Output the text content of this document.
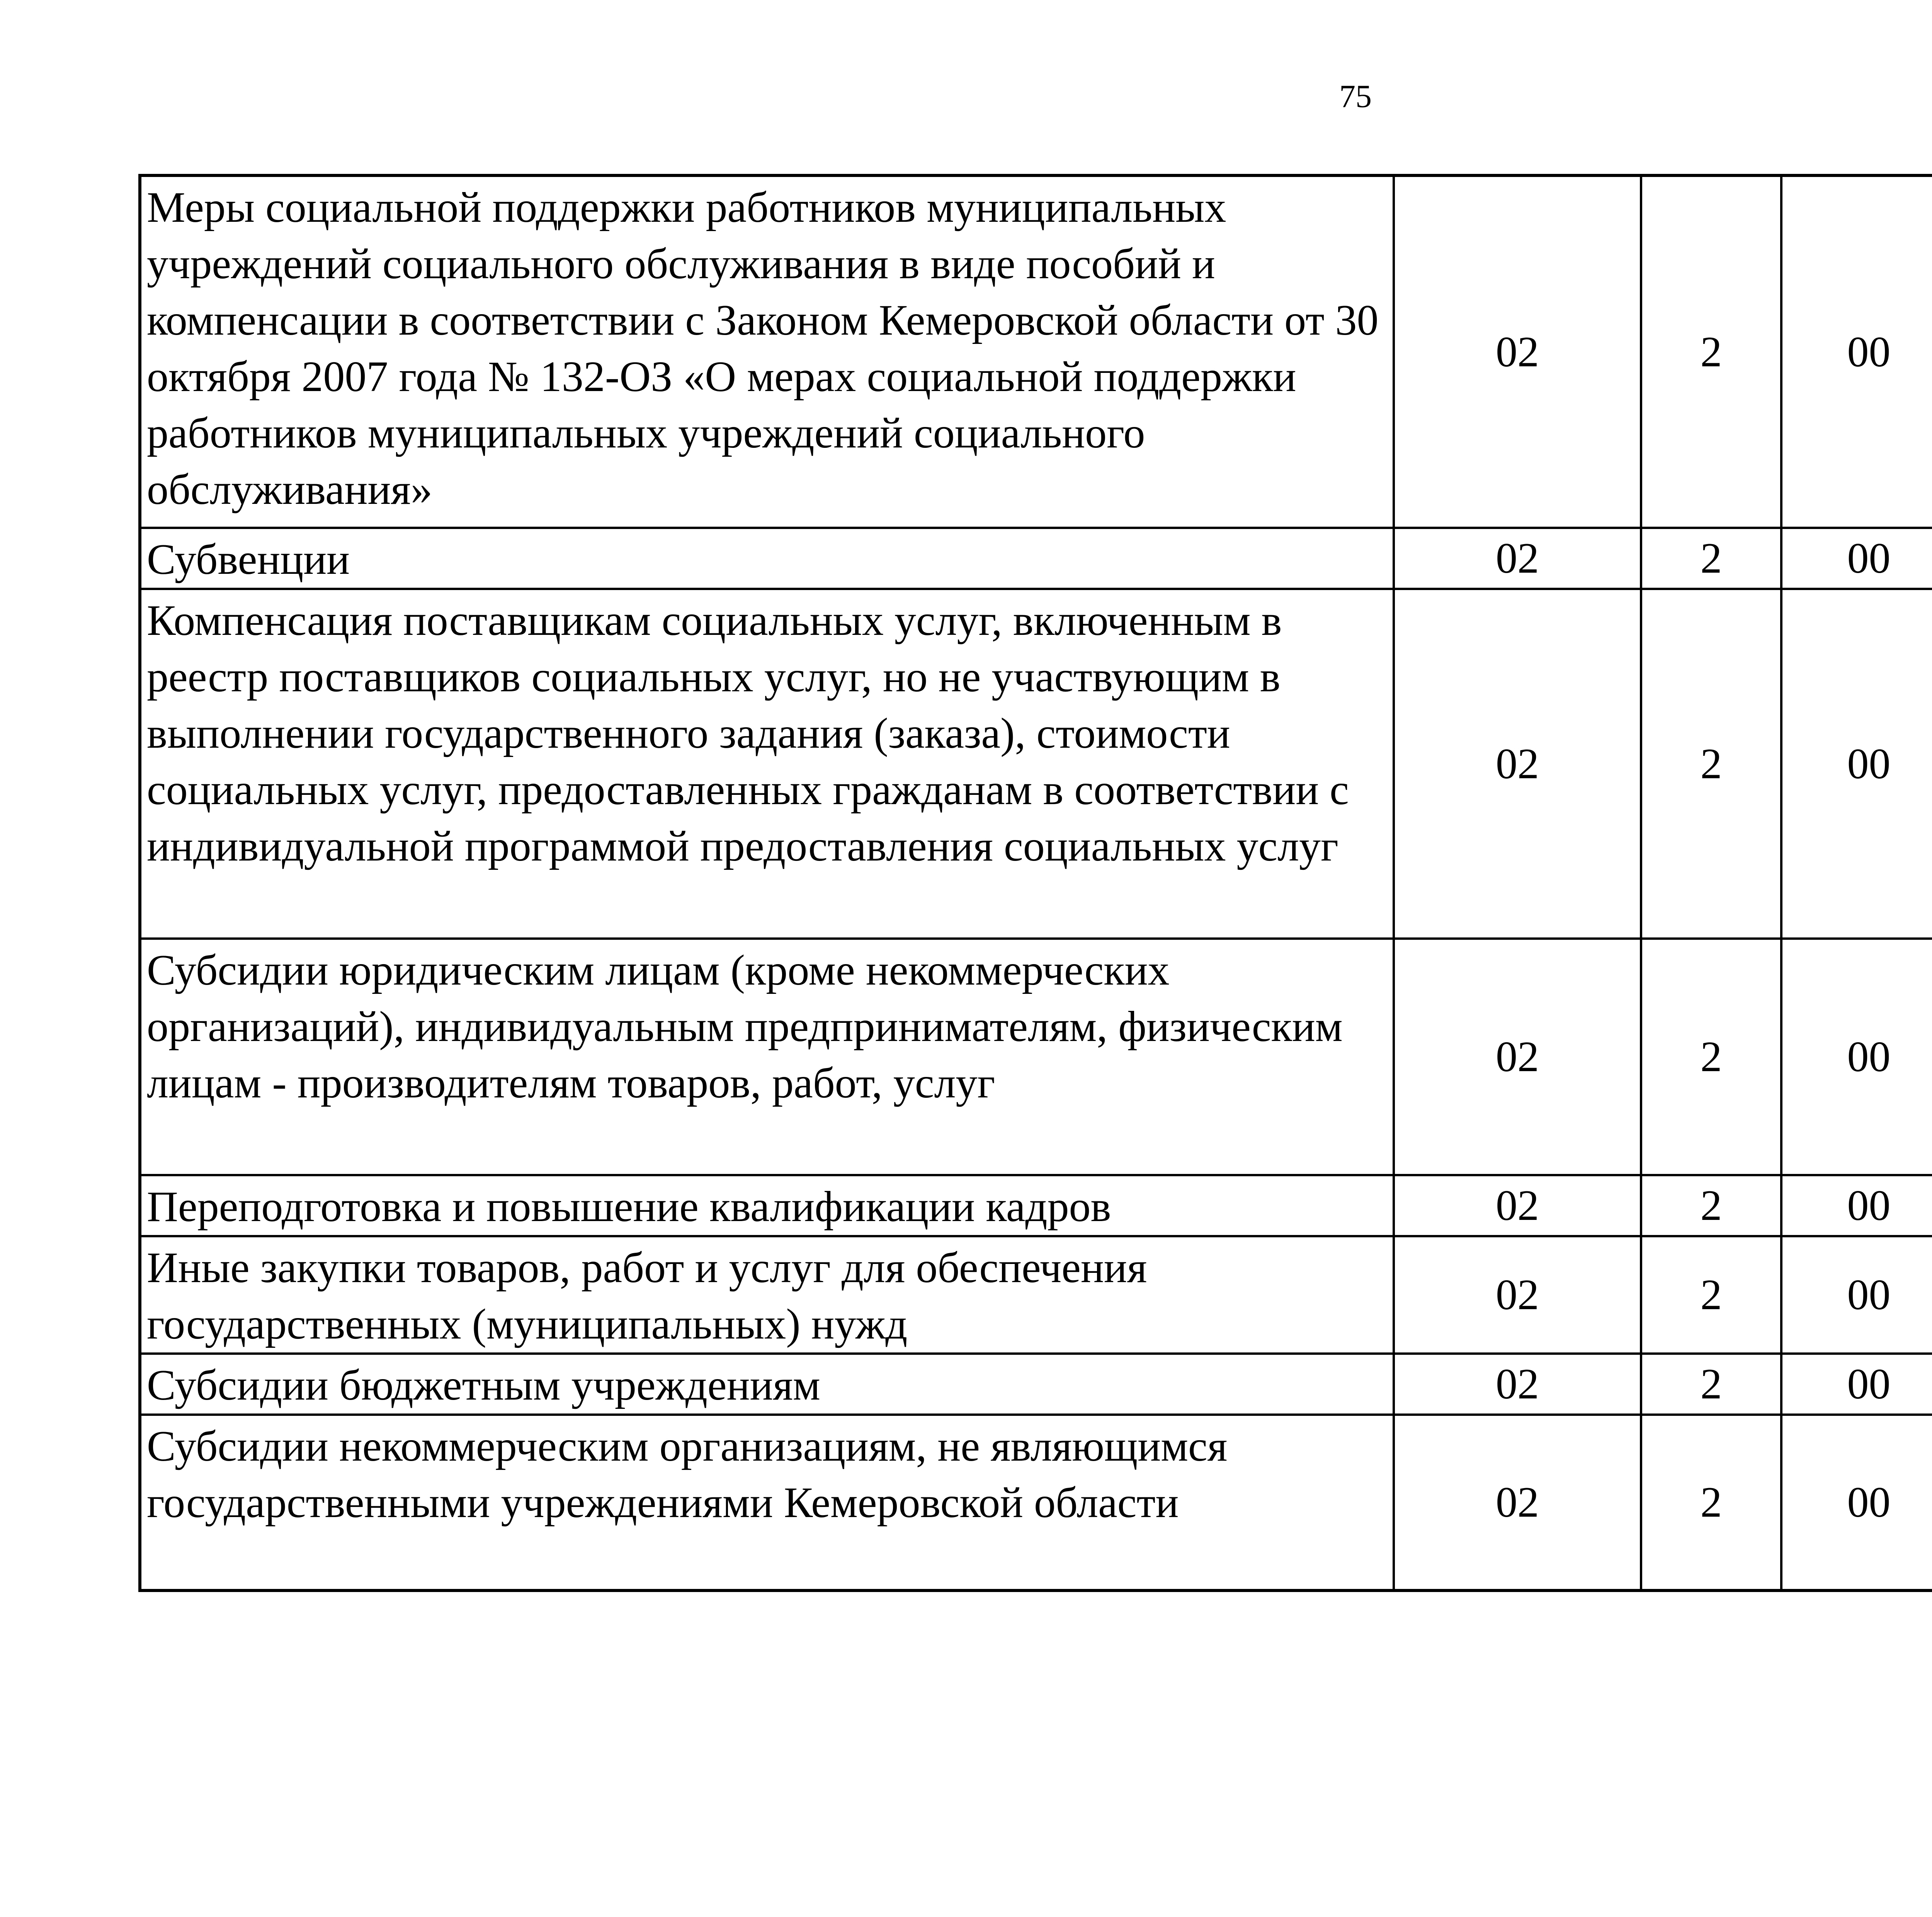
75
Меры социальной поддержки работников муниципальных учреждений социального обслуживания в виде пособий и компенсации в соответствии с Законом Кемеровской области от 30 октября 2007 года № 132-ОЗ «О мерах социальной поддержки работников муниципальных учреждений социального обслуживания»	02	2	00			
Субвенции	02	2	00			
Компенсация поставщикам социальных услуг, включенным в реестр поставщиков социальных услуг, но не участвующим в выполнении государственного задания (заказа), стоимости социальных услуг, предоставленных гражданам в соответствии с индивидуальной программой предоставления социальных услуг	02	2	00			
Субсидии юридическим лицам (кроме некоммерческих организаций), индивидуальным предпринимателям, физическим лицам - производителям товаров, работ, услуг	02	2	00			
Переподготовка и повышение квалификации кадров	02	2	00			
Иные закупки товаров, работ и услуг для обеспечения государственных (муниципальных) нужд	02	2	00			
Субсидии бюджетным учреждениям	02	2	00			
Субсидии некоммерческим организациям, не являющимся государственными учреждениями Кемеровской области	02	2	00			
